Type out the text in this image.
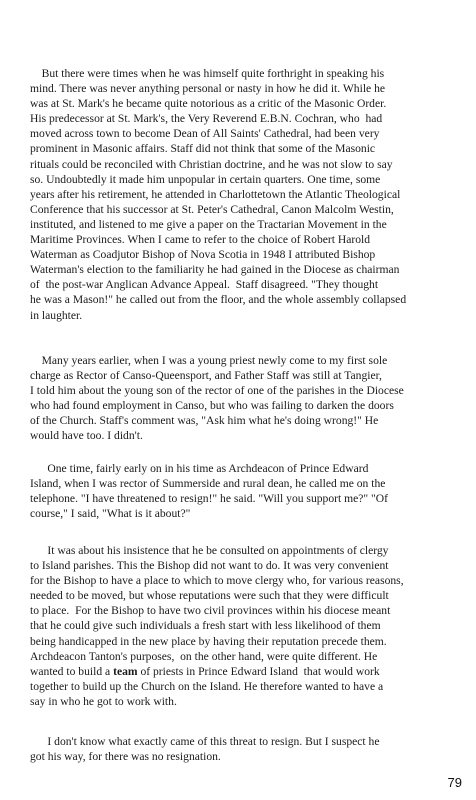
But there were times when he was himself quite forthright in speaking his
mind. There was never anything personal or nasty in how he did it. While he
was at St. Mark's he became quite notorious as a critic of the Masonic Order.
His predecessor at St. Mark's, the Very Reverend E.B.N. Cochran, who  had
moved across town to become Dean of All Saints' Cathedral, had been very
prominent in Masonic affairs. Staff did not think that some of the Masonic
rituals could be reconciled with Christian doctrine, and he was not slow to say
so. Undoubtedly it made him unpopular in certain quarters. One time, some
years after his retirement, he attended in Charlottetown the Atlantic Theological
Conference that his successor at St. Peter's Cathedral, Canon Malcolm Westin,
instituted, and listened to me give a paper on the Tractarian Movement in the
Maritime Provinces. When I came to refer to the choice of Robert Harold
Waterman as Coadjutor Bishop of Nova Scotia in 1948 I attributed Bishop
Waterman's election to the familiarity he had gained in the Diocese as chairman
of  the post-war Anglican Advance Appeal.  Staff disagreed. "They thought
he was a Mason!" he called out from the floor, and the whole assembly collapsed
in laughter.

Many years earlier, when I was a young priest newly come to my first sole
charge as Rector of Canso-Queensport, and Father Staff was still at Tangier,
I told him about the young son of the rector of one of the parishes in the Diocese
who had found employment in Canso, but who was failing to darken the doors
of the Church. Staff's comment was, "Ask him what he's doing wrong!" He
would have too. I didn't.

One time, fairly early on in his time as Archdeacon of Prince Edward
Island, when I was rector of Summerside and rural dean, he called me on the
telephone. "I have threatened to resign!" he said. "Will you support me?" "Of
course," I said, "What is it about?"

It was about his insistence that he be consulted on appointments of clergy
to Island parishes. This the Bishop did not want to do. It was very convenient
for the Bishop to have a place to which to move clergy who, for various reasons,
needed to be moved, but whose reputations were such that they were difficult
to place.  For the Bishop to have two civil provinces within his diocese meant
that he could give such individuals a fresh start with less likelihood of them
being handicapped in the new place by having their reputation precede them.
Archdeacon Tanton's purposes,  on the other hand, were quite different. He
wanted to build a team of priests in Prince Edward Island  that would work
together to build up the Church on the Island. He therefore wanted to have a
say in who he got to work with.

I don't know what exactly came of this threat to resign. But I suspect he
got his way, for there was no resignation.

79
